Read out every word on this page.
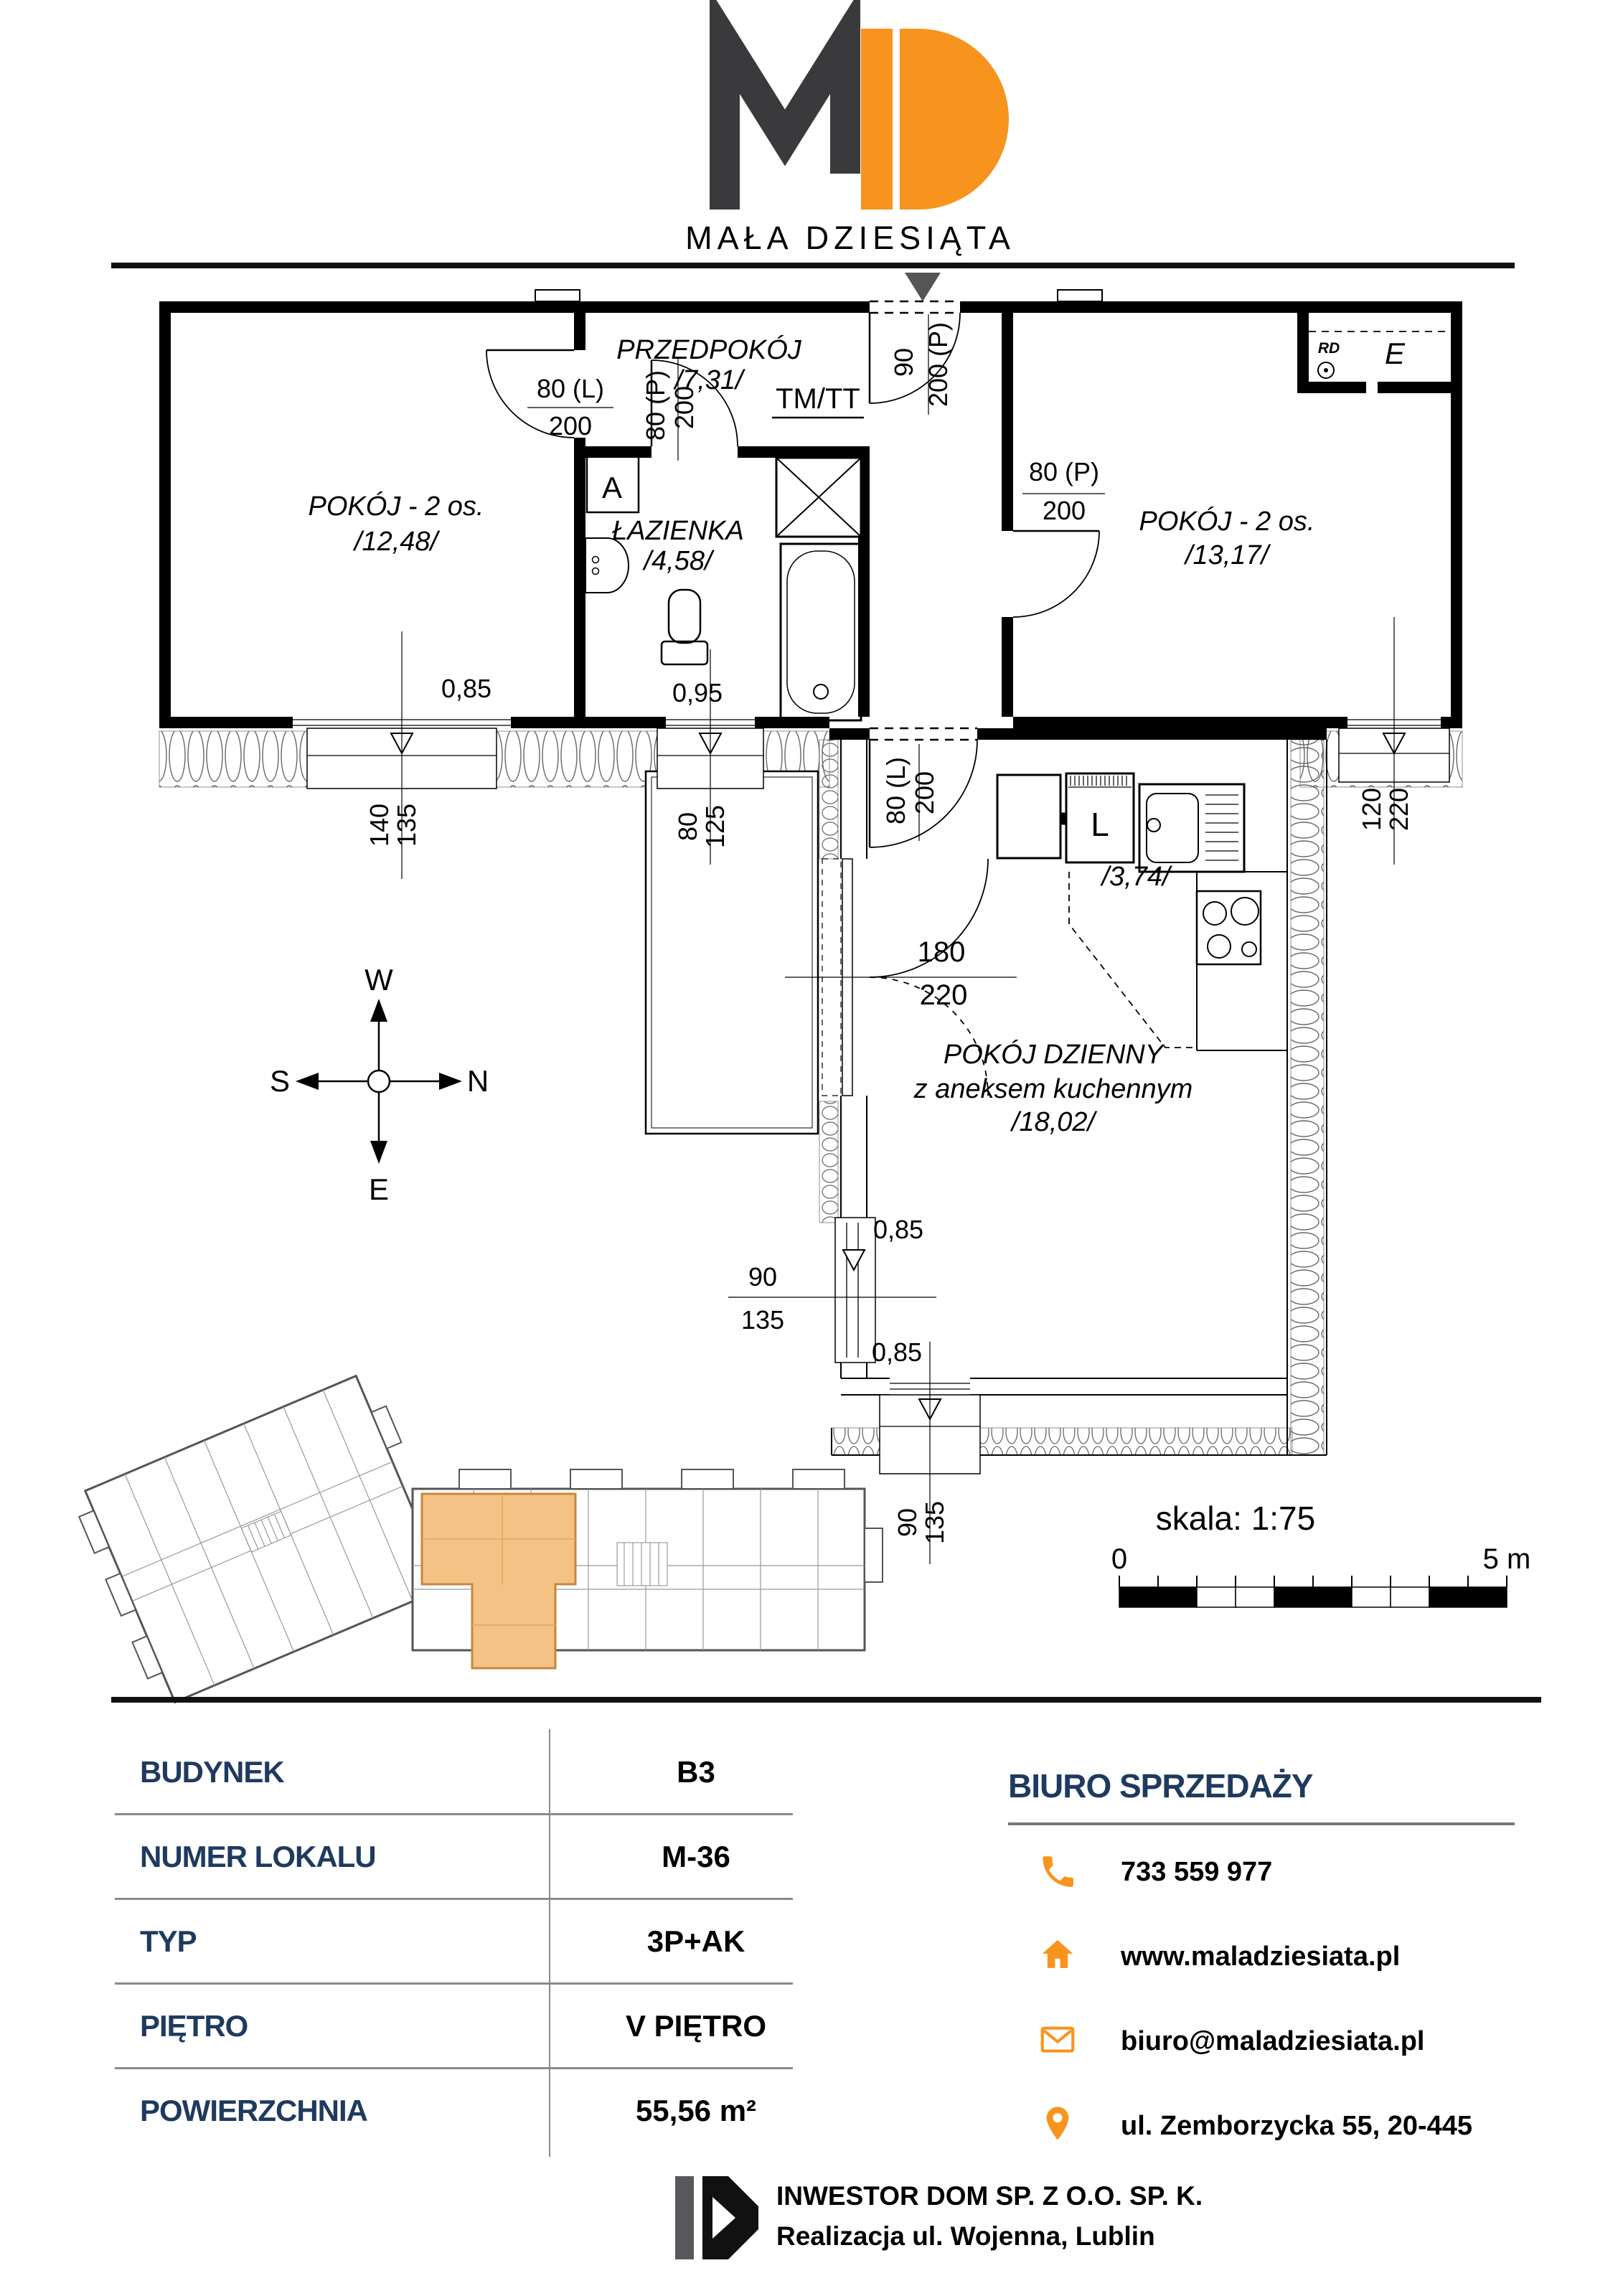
MAŁA DZIESIĄTA
PRZEDPOKÓJ
/7,31/
POKÓJ - 2 os.
/12,48/	ŁAZIENKA
/4,58/
POKÓJ - 2 os.
/13,17/
POKÓJ DZIENNY
z aneksem kuchennym
/18,02/
/3,74/
TM/TT
A
L
RD E
0,85	0,95
0,85
0,85
90
135
80 (L)
200
80 (P)
200
180
220
90 200 (P)
80 (P) 200
80 (L) 200
140
135	80
125	120
220
90
135
W
E
S	N
skala: 1:75
0	5 m
BUDYNEK	B3
NUMER LOKALU	M-36
TYP	3P+AK
PIĘTRO	V PIĘTRO
POWIERZCHNIA	55,56 m²
BIURO SPRZEDAŻY
733 559 977
www.maladziesiata.pl
biuro@maladziesiata.pl
ul. Zemborzycka 55, 20-445
INWESTOR DOM SP. Z O.O. SP. K.
Realizacja ul. Wojenna, Lublin
